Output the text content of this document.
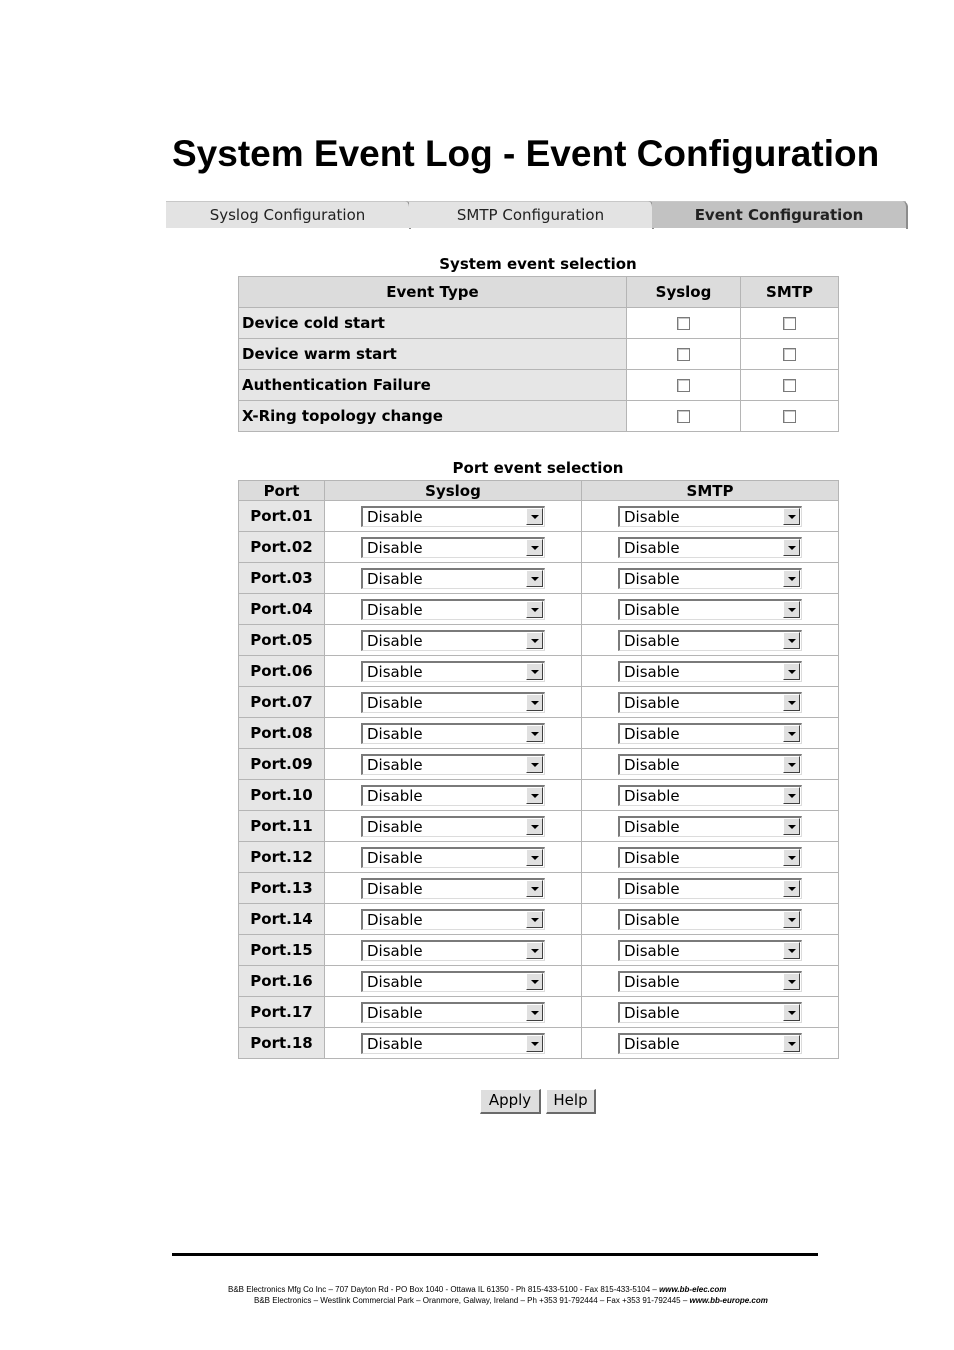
System Event Log - Event Configuration
Syslog Configuration	SMTP Configuration	Event Configuration
System event selection
Event Type	Syslog	SMTP
Device cold start		
Device warm start		
Authentication Failure		
X-Ring topology change		
Port event selection
Port	Syslog	SMTP
Port.01	Disable	Disable

Port.02	Disable	Disable

Port.03	Disable	Disable

Port.04	Disable	Disable

Port.05	Disable	Disable

Port.06	Disable	Disable

Port.07	Disable	Disable

Port.08	Disable	Disable

Port.09	Disable	Disable

Port.10	Disable	Disable

Port.11	Disable	Disable

Port.12	Disable	Disable

Port.13	Disable	Disable

Port.14	Disable	Disable

Port.15	Disable	Disable

Port.16	Disable	Disable

Port.17	Disable	Disable

Port.18	Disable	Disable
Apply	Help
B&B Electronics Mfg Co Inc – 707 Dayton Rd - PO Box 1040 - Ottawa IL 61350 - Ph 815-433-5100 - Fax 815-433-5104 – www.bb-elec.com
B&B Electronics – Westlink Commercial Park – Oranmore, Galway, Ireland – Ph +353 91-792444 – Fax +353 91-792445 – www.bb-europe.com
